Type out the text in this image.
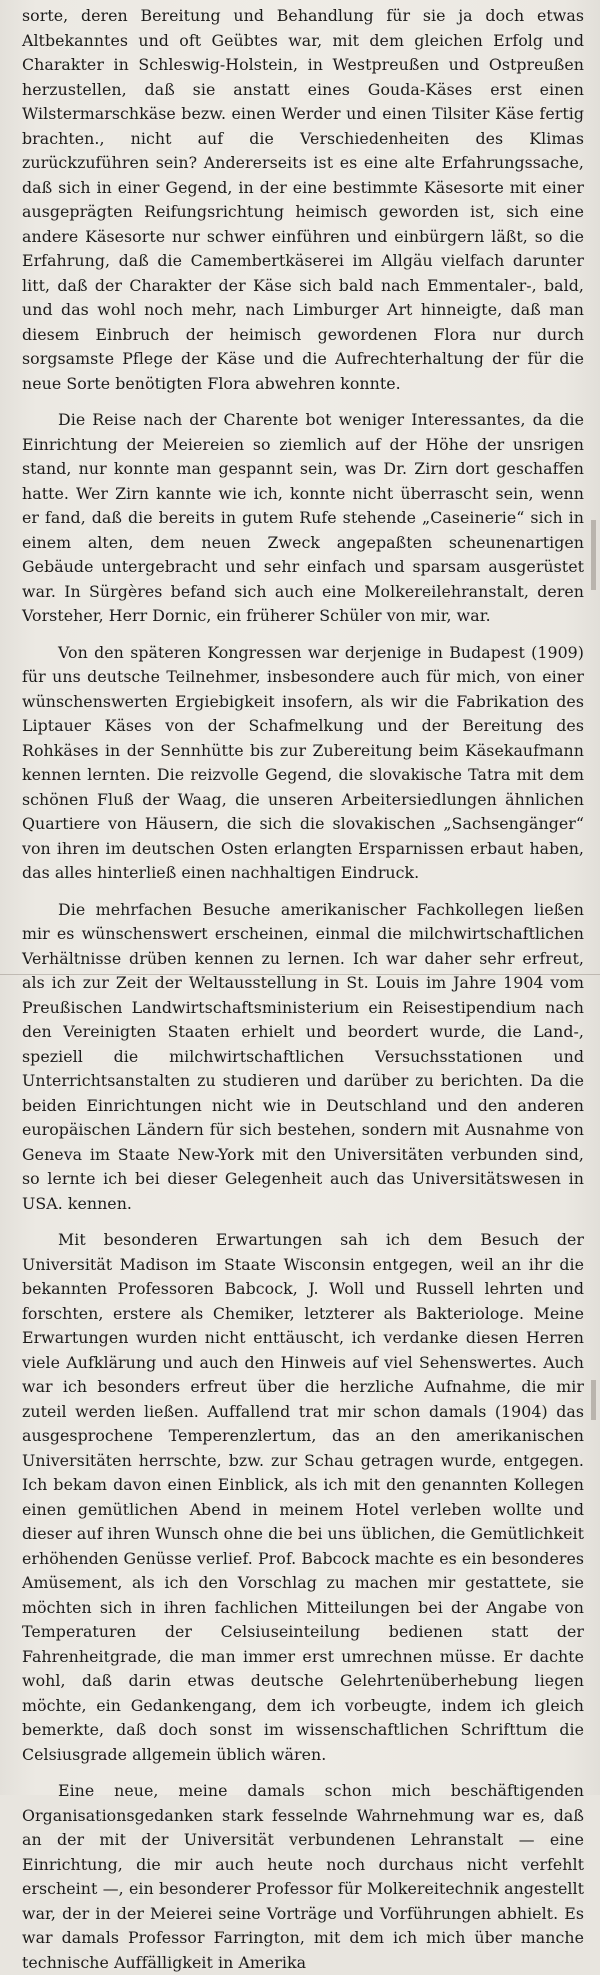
sorte, deren Bereitung und Behandlung für sie ja doch etwas Altbekanntes und oft Geübtes war, mit dem gleichen Erfolg und Charakter in Schleswig-Holstein, in Westpreußen und Ostpreußen herzustellen, daß sie anstatt eines Gouda-Käses erst einen Wilstermarschkäse bezw. einen Werder und einen Tilsiter Käse fertig brachten., nicht auf die Verschiedenheiten des Klimas zurückzuführen sein? Andererseits ist es eine alte Erfahrungssache, daß sich in einer Gegend, in der eine bestimmte Käsesorte mit einer ausgeprägten Reifungsrichtung heimisch geworden ist, sich eine andere Käsesorte nur schwer einführen und einbürgern läßt, so die Erfahrung, daß die Camembertkäserei im Allgäu vielfach darunter litt, daß der Charakter der Käse sich bald nach Emmentaler-, bald, und das wohl noch mehr, nach Limburger Art hinneigte, daß man diesem Einbruch der heimisch gewordenen Flora nur durch sorgsamste Pflege der Käse und die Aufrechterhaltung der für die neue Sorte benötigten Flora abwehren konnte.

Die Reise nach der Charente bot weniger Interessantes, da die Einrichtung der Meiereien so ziemlich auf der Höhe der unsrigen stand, nur konnte man gespannt sein, was Dr. Zirn dort geschaffen hatte. Wer Zirn kannte wie ich, konnte nicht überrascht sein, wenn er fand, daß die bereits in gutem Rufe stehende „Caseinerie“ sich in einem alten, dem neuen Zweck angepaßten scheunenartigen Gebäude untergebracht und sehr einfach und sparsam ausgerüstet war. In Sürgères befand sich auch eine Molkereilehranstalt, deren Vorsteher, Herr Dornic, ein früherer Schüler von mir, war.

Von den späteren Kongressen war derjenige in Budapest (1909) für uns deutsche Teilnehmer, insbesondere auch für mich, von einer wünschenswerten Ergiebigkeit insofern, als wir die Fabrikation des Liptauer Käses von der Schafmelkung und der Bereitung des Rohkäses in der Sennhütte bis zur Zubereitung beim Käsekaufmann kennen lernten. Die reizvolle Gegend, die slovakische Tatra mit dem schönen Fluß der Waag, die unseren Arbeitersiedlungen ähnlichen Quartiere von Häusern, die sich die slovakischen „Sachsengänger“ von ihren im deutschen Osten erlangten Ersparnissen erbaut haben, das alles hinterließ einen nachhaltigen Eindruck.

Die mehrfachen Besuche amerikanischer Fachkollegen ließen mir es wünschenswert erscheinen, einmal die milchwirtschaftlichen Verhältnisse drüben kennen zu lernen. Ich war daher sehr erfreut, als ich zur Zeit der Weltausstellung in St. Louis im Jahre 1904 vom Preußischen Landwirtschaftsministerium ein Reisestipendium nach den Vereinigten Staaten erhielt und beordert wurde, die Land-, speziell die milchwirtschaftlichen Versuchsstationen und Unterrichtsanstalten zu studieren und darüber zu berichten. Da die beiden Einrichtungen nicht wie in Deutschland und den anderen europäischen Ländern für sich bestehen, sondern mit Ausnahme von Geneva im Staate New-York mit den Universitäten verbunden sind, so lernte ich bei dieser Gelegenheit auch das Universitätswesen in USA. kennen.

Mit besonderen Erwartungen sah ich dem Besuch der Universität Madison im Staate Wisconsin entgegen, weil an ihr die bekannten Professoren Babcock, J. Woll und Russell lehrten und forschten, erstere als Chemiker, letzterer als Bakteriologe. Meine Erwartungen wurden nicht enttäuscht, ich verdanke diesen Herren viele Aufklärung und auch den Hinweis auf viel Sehenswertes. Auch war ich besonders erfreut über die herzliche Aufnahme, die mir zuteil werden ließen. Auffallend trat mir schon damals (1904) das ausgesprochene Temperenzlertum, das an den amerikanischen Universitäten herrschte, bzw. zur Schau getragen wurde, entgegen. Ich bekam davon einen Einblick, als ich mit den genannten Kollegen einen gemütlichen Abend in meinem Hotel verleben wollte und dieser auf ihren Wunsch ohne die bei uns üblichen, die Gemütlichkeit erhöhenden Genüsse verlief. Prof. Babcock machte es ein besonderes Amüsement, als ich den Vorschlag zu machen mir gestattete, sie möchten sich in ihren fachlichen Mitteilungen bei der Angabe von Temperaturen der Celsiuseinteilung bedienen statt der Fahrenheitgrade, die man immer erst umrechnen müsse. Er dachte wohl, daß darin etwas deutsche Gelehrtenüberhebung liegen möchte, ein Gedankengang, dem ich vorbeugte, indem ich gleich bemerkte, daß doch sonst im wissenschaftlichen Schrifttum die Celsiusgrade allgemein üblich wären.

Eine neue, meine damals schon mich beschäftigenden Organisationsgedanken stark fesselnde Wahrnehmung war es, daß an der mit der Universität verbundenen Lehranstalt — eine Einrichtung, die mir auch heute noch durchaus nicht verfehlt erscheint —, ein besonderer Professor für Molkereitechnik angestellt war, der in der Meierei seine Vorträge und Vorführungen abhielt. Es war damals Professor Farrington, mit dem ich mich über manche technische Auffälligkeit in Amerika
